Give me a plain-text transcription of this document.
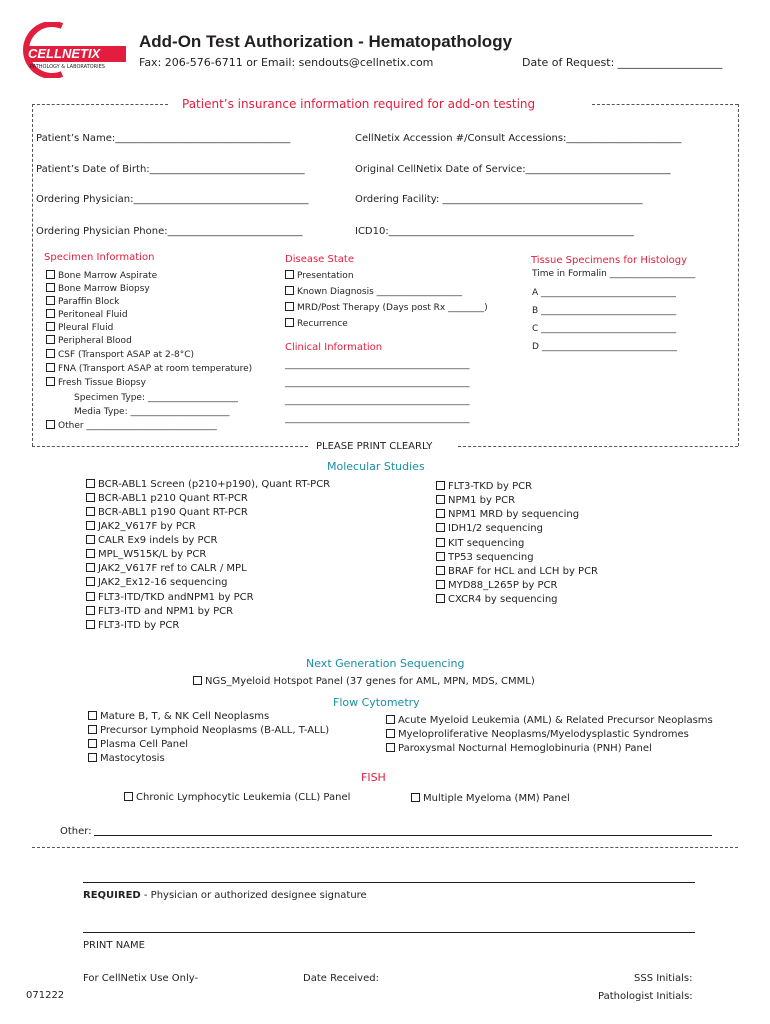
CELLNETIX
PATHOLOGY & LABORATORIES
Add-On Test Authorization - Hematopathology
Fax: 206-576-6711 or Email: sendouts@cellnetix.com	Date of Request: ___________________
Patient’s insurance information required for add-on testing
Patient’s Name:___________________________________	CellNetix Accession #/Consult Accessions:_______________________
Patient’s Date of Birth:_______________________________	Original CellNetix Date of Service:_____________________________
Ordering Physician:___________________________________	Ordering Facility: ________________________________________
Ordering Physician Phone:___________________________	ICD10:_________________________________________________
Specimen Information
Bone Marrow Aspirate
Bone Marrow Biopsy
Paraffin Block
Peritoneal Fluid
Pleural Fluid
Peripheral Blood
CSF (Transport ASAP at 2-8°C)
FNA (Transport ASAP at room temperature)
Fresh Tissue Biopsy
Specimen Type: ____________________
Media Type: ______________________
Other _____________________________
Disease State
Presentation
Known Diagnosis ___________________
MRD/Post Therapy (Days post Rx ________)
Recurrence
Clinical Information
_________________________________________
_________________________________________
_________________________________________
_________________________________________
Tissue Specimens for Histology
Time in Formalin ___________________
A ______________________________
B ______________________________
C ______________________________
D ______________________________
PLEASE PRINT CLEARLY
Molecular Studies
BCR-ABL1 Screen (p210+p190), Quant RT-PCR
BCR-ABL1 p210 Quant RT-PCR
BCR-ABL1 p190 Quant RT-PCR
JAK2_V617F by PCR
CALR Ex9 indels by PCR
MPL_W515K/L by PCR
JAK2_V617F ref to CALR / MPL
JAK2_Ex12-16 sequencing
FLT3-ITD/TKD andNPM1 by PCR
FLT3-ITD and NPM1 by PCR
FLT3-ITD by PCR
FLT3-TKD by PCR
NPM1 by PCR
NPM1 MRD by sequencing
IDH1/2 sequencing
KIT sequencing
TP53 sequencing
BRAF for HCL and LCH by PCR
MYD88_L265P by PCR
CXCR4 by sequencing
Next Generation Sequencing
NGS_Myeloid Hotspot Panel (37 genes for AML, MPN, MDS, CMML)
Flow Cytometry
Mature B, T, & NK Cell Neoplasms
Precursor Lymphoid Neoplasms (B-ALL, T-ALL)
Plasma Cell Panel
Mastocytosis
Acute Myeloid Leukemia (AML) & Related Precursor Neoplasms
Myeloproliferative Neoplasms/Myelodysplastic Syndromes
Paroxysmal Nocturnal Hemoglobinuria (PNH) Panel
FISH
Chronic Lymphocytic Leukemia (CLL) Panel	Multiple Myeloma (MM) Panel
Other:
REQUIRED - Physician or authorized designee signature
PRINT NAME
For CellNetix Use Only-	Date Received:	SSS Initials:
Pathologist Initials:
071222
